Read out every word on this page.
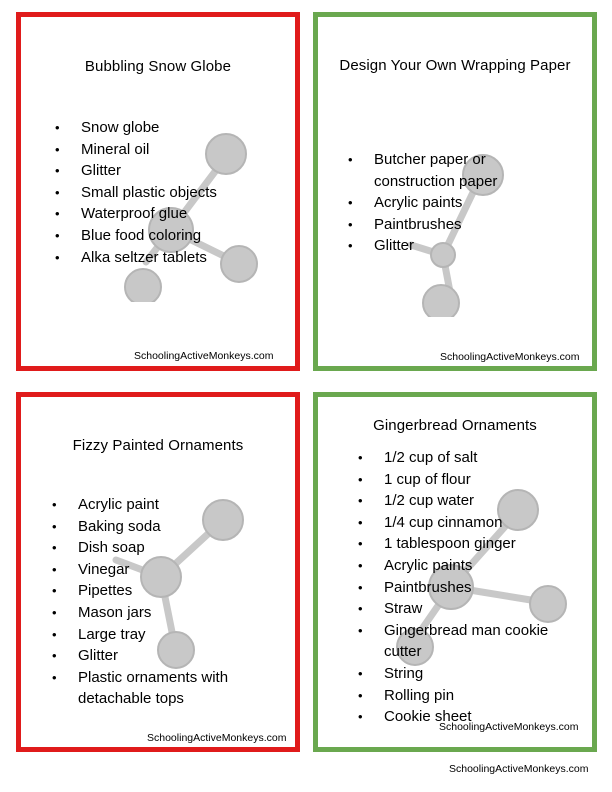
Bubbling Snow Globe
• Snow globe
• Mineral oil
• Glitter
• Small plastic objects
• Waterproof glue
• Blue food coloring
• Alka seltzer tablets
SchoolingActiveMonkeys.com
Design Your Own Wrapping Paper
• Butcher paper or construction paper
• Acrylic paints
• Paintbrushes
• Glitter
SchoolingActiveMonkeys.com
Fizzy Painted Ornaments
• Acrylic paint
• Baking soda
• Dish soap
• Vinegar
• Pipettes
• Mason jars
• Large tray
• Glitter
• Plastic ornaments with detachable tops
SchoolingActiveMonkeys.com
Gingerbread Ornaments
• 1/2 cup of salt
• 1 cup of flour
• 1/2 cup water
• 1/4 cup cinnamon
• 1 tablespoon ginger
• Acrylic paints
• Paintbrushes
• Straw
• Gingerbread man cookie cutter
• String
• Rolling pin
• Cookie sheet
SchoolingActiveMonkeys.com
SchoolingActiveMonkeys.com
